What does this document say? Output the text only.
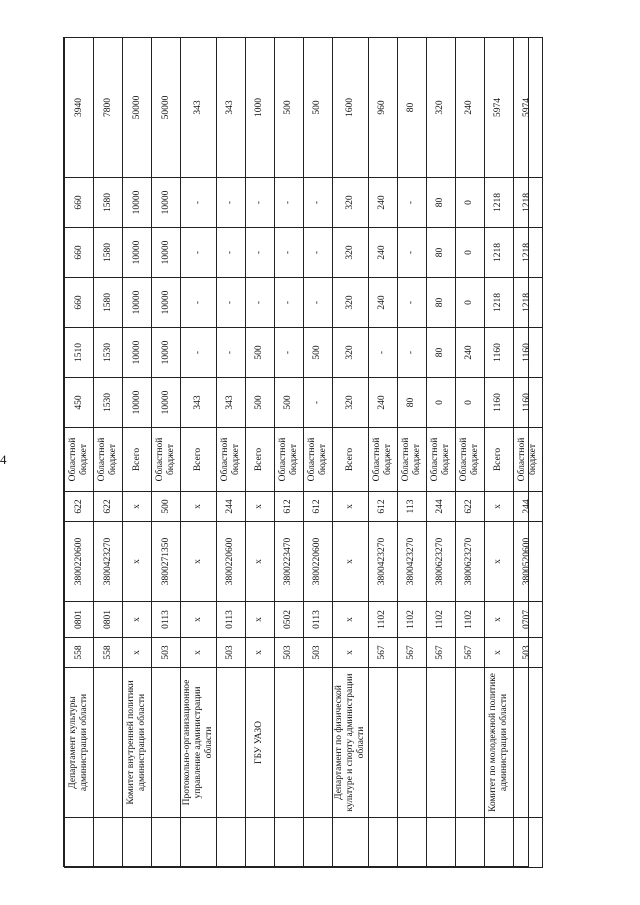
4
	Департамент культуры администрации области	558	0801	3800220600	622	Областной бюджет	450	1510	660	660	660	3940
		558	0801	3800423270	622	Областной бюджет	1530	1530	1580	1580	1580	7800
	Комитет внутренней политики администрации области	х	х	х	х	Всего	10000	10000	10000	10000	10000	50000
		503	0113	3800271350	500	Областной бюджет	10000	10000	10000	10000	10000	50000
	Протокольно-организационное управление администрации области	х	х	х	х	Всего	343	-	-	-	-	343
		503	0113	3800220600	244	Областной бюджет	343	-	-	-	-	343
	ГБУ УАЗО	х	х	х	х	Всего	500	500	-	-	-	1000
		503	0502	3800223470	612	Областной бюджет	500	-	-	-	-	500
		503	0113	3800220600	612	Областной бюджет	-	500	-	-	-	500
	Департамент по физической культуре и спорту администрации области	х	х	х	х	Всего	320	320	320	320	320	1600
		567	1102	3800423270	612	Областной бюджет	240	-	240	240	240	960
		567	1102	3800423270	113	Областной бюджет	80	-	-	-	-	80
		567	1102	3800623270	244	Областной бюджет	0	80	80	80	80	320
		567	1102	3800623270	622	Областной бюджет	0	240	0	0	0	240
	Комитет по молодежной политике администрации области	х	х	х	х	Всего	1160	1160	1218	1218	1218	5974
		503	0707	3800520600	244	Областной бюджет	1160	1160	1218	1218	1218	5974
